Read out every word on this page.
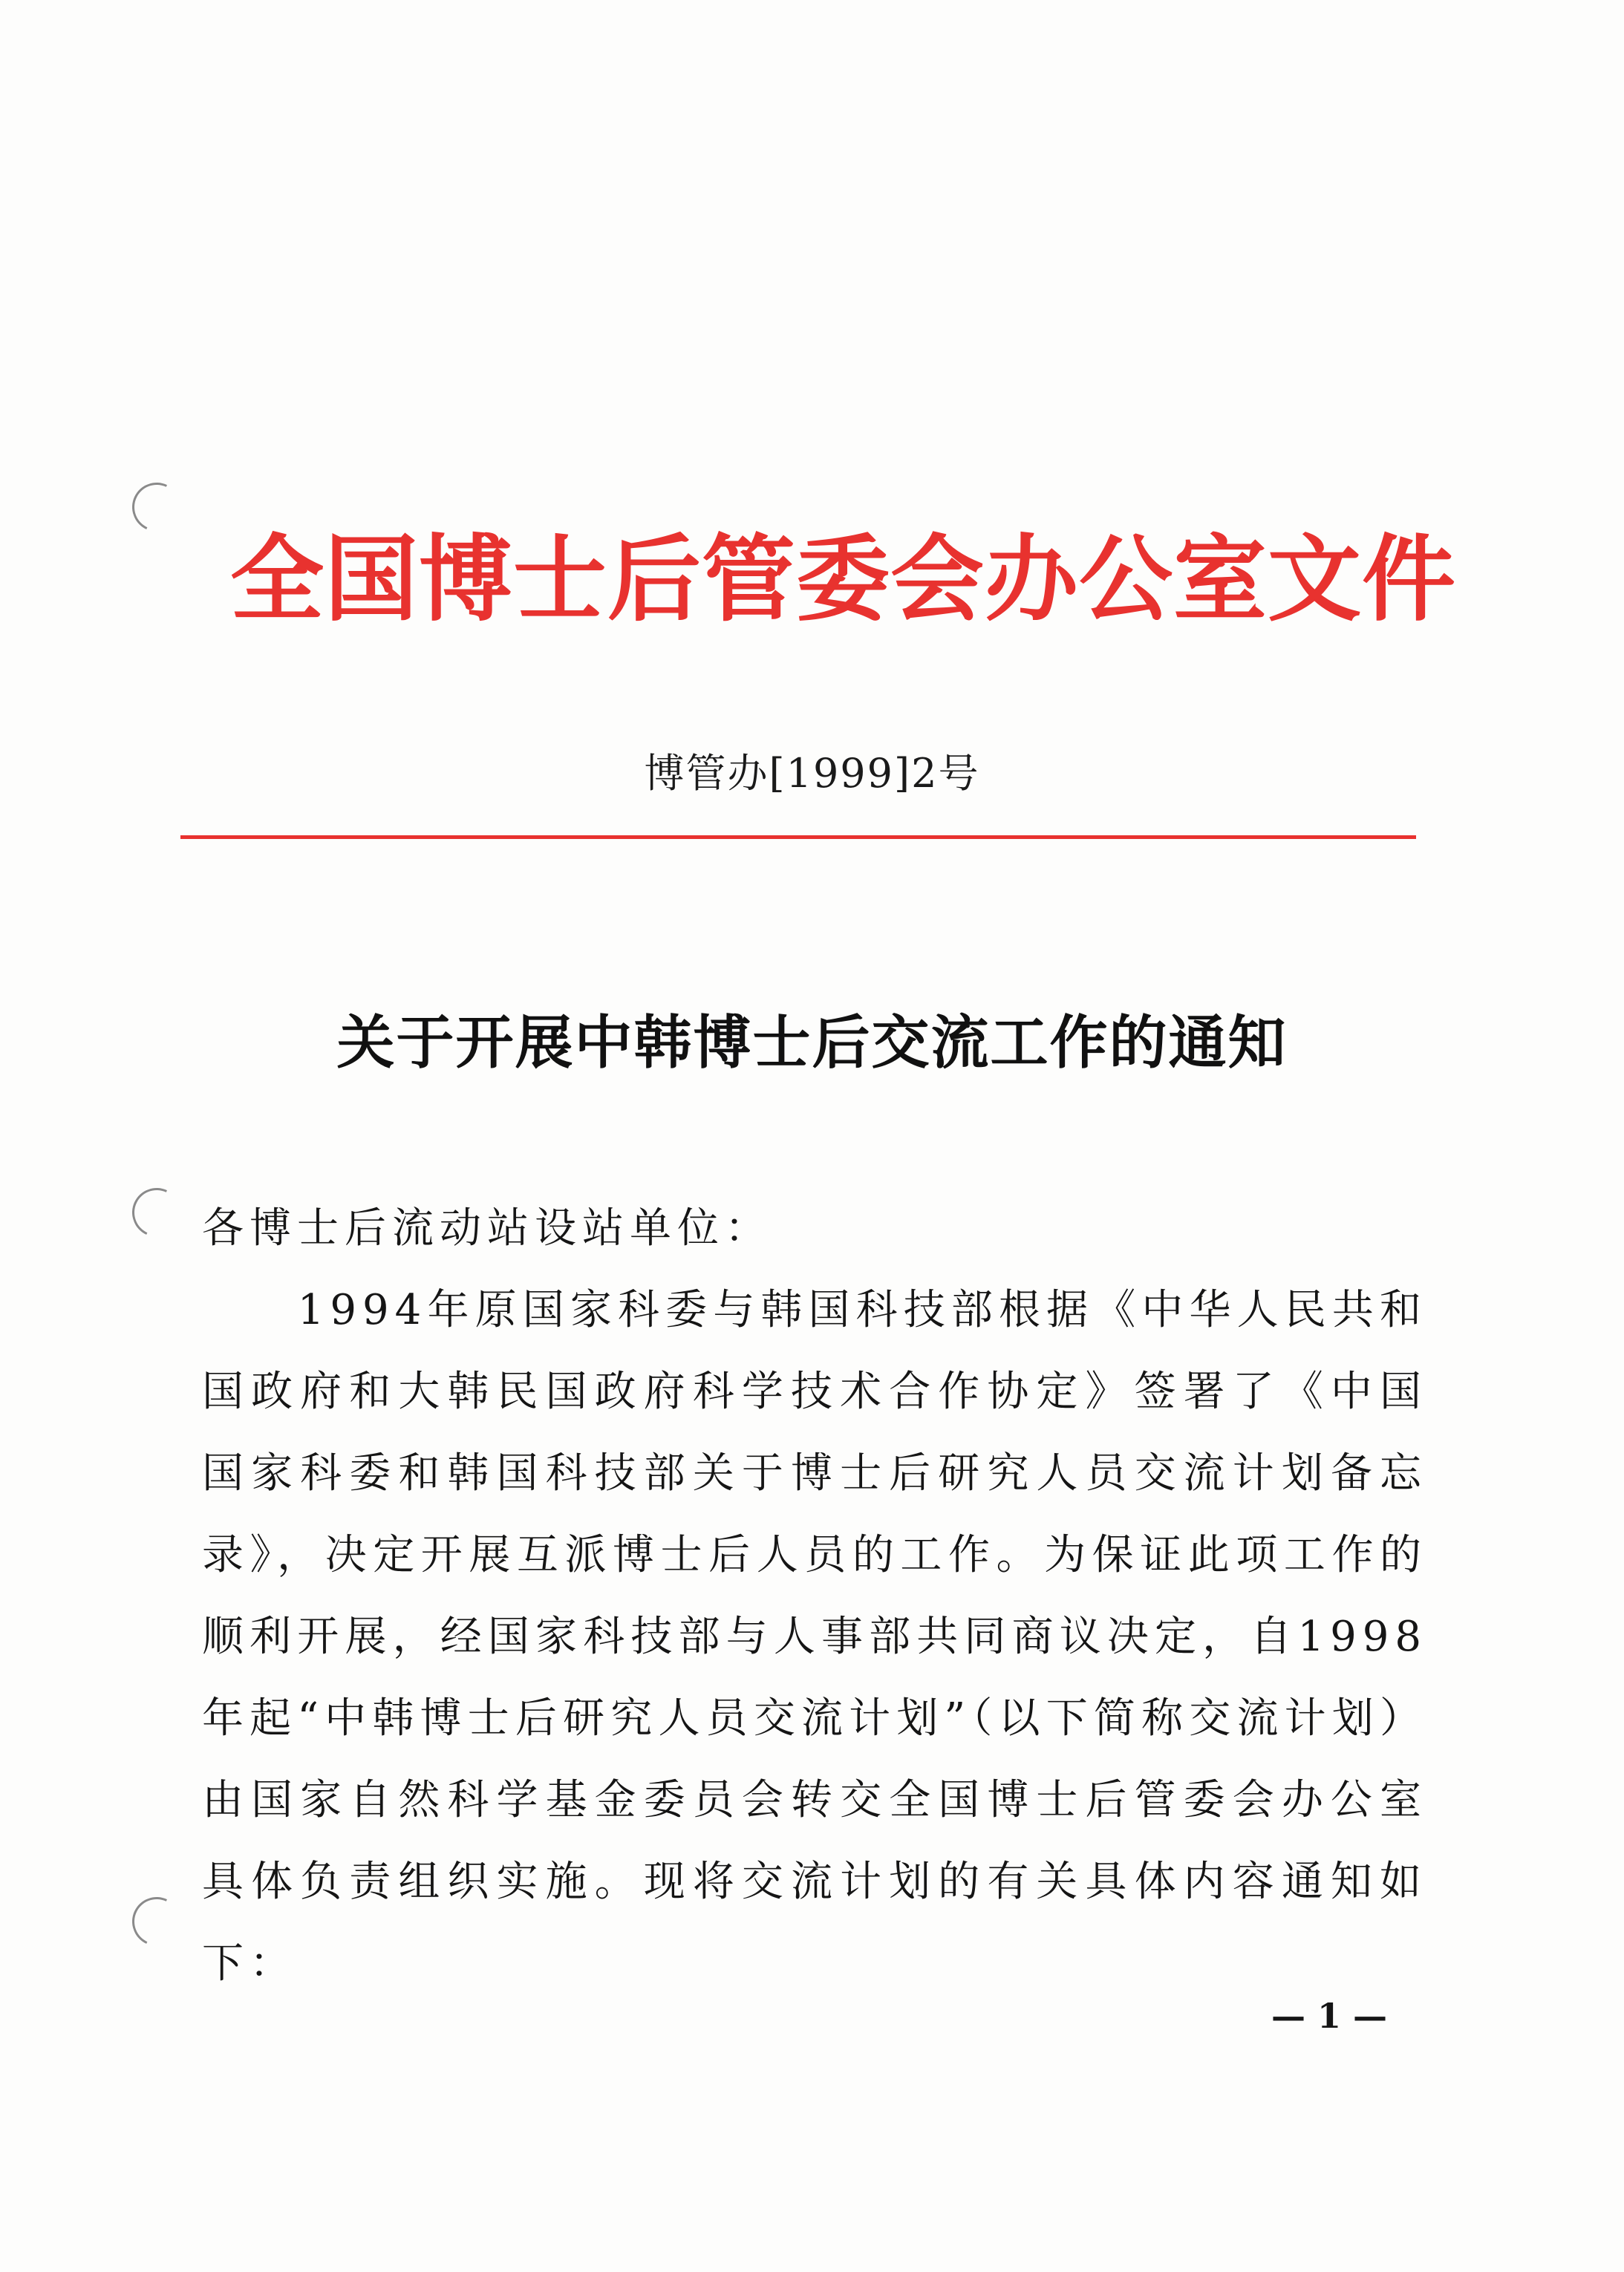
全国博士后管委会办公室文件
博管办[1999]2号
关于开展中韩博士后交流工作的通知

各博士后流动站设站单位：

1994年原国家科委与韩国科技部根据《中华人民共和国政府和大韩民国政府科学技术合作协定》签署了《中国国家科委和韩国科技部关于博士后研究人员交流计划备忘录》，决定开展互派博士后人员的工作。为保证此项工作的顺利开展，经国家科技部与人事部共同商议决定，自1998年起“中韩博士后研究人员交流计划”（以下简称交流计划）由国家自然科学基金委员会转交全国博士后管委会办公室具体负责组织实施。现将交流计划的有关具体内容通知如下：

— 1 —
